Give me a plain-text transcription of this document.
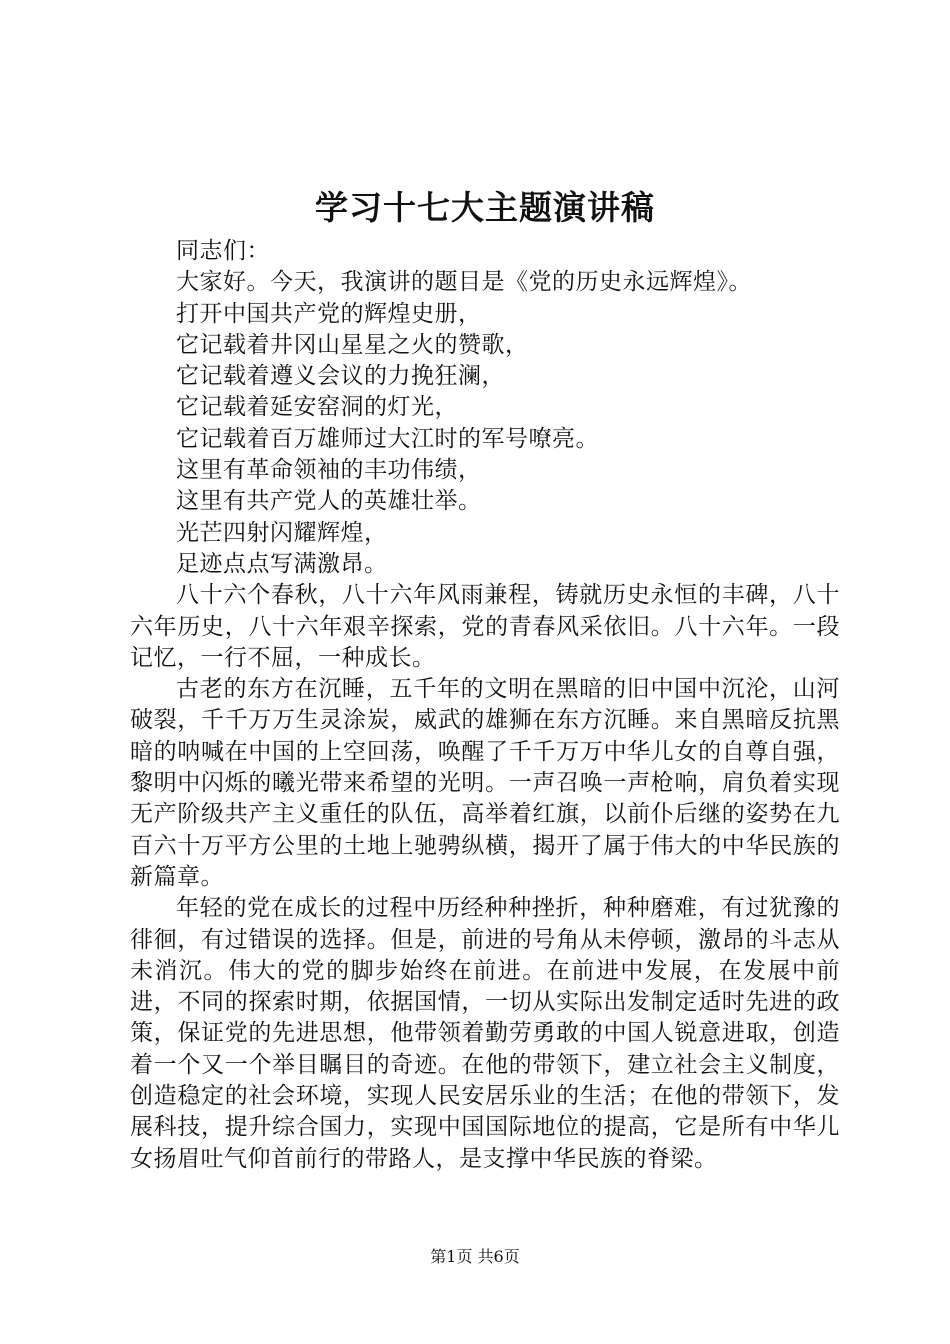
学习十七大主题演讲稿

同志们：

大家好。今天，我演讲的题目是《党的历史永远辉煌》。

打开中国共产党的辉煌史册，

它记载着井冈山星星之火的赞歌，

它记载着遵义会议的力挽狂澜，

它记载着延安窑洞的灯光，

它记载着百万雄师过大江时的军号嘹亮。

这里有革命领袖的丰功伟绩，

这里有共产党人的英雄壮举。

光芒四射闪耀辉煌，

足迹点点写满激昂。

八十六个春秋，八十六年风雨兼程，铸就历史永恒的丰碑，八十六年历史，八十六年艰辛探索，党的青春风采依旧。八十六年。一段记忆，一行不屈，一种成长。

古老的东方在沉睡，五千年的文明在黑暗的旧中国中沉沦，山河破裂，千千万万生灵涂炭，威武的雄狮在东方沉睡。来自黑暗反抗黑暗的呐喊在中国的上空回荡，唤醒了千千万万中华儿女的自尊自强，黎明中闪烁的曦光带来希望的光明。一声召唤一声枪响，肩负着实现无产阶级共产主义重任的队伍，高举着红旗，以前仆后继的姿势在九百六十万平方公里的土地上驰骋纵横，揭开了属于伟大的中华民族的新篇章。

年轻的党在成长的过程中历经种种挫折，种种磨难，有过犹豫的徘徊，有过错误的选择。但是，前进的号角从未停顿，激昂的斗志从未消沉。伟大的党的脚步始终在前进。在前进中发展，在发展中前进，不同的探索时期，依据国情，一切从实际出发制定适时先进的政策，保证党的先进思想，他带领着勤劳勇敢的中国人锐意进取，创造着一个又一个举目瞩目的奇迹。在他的带领下，建立社会主义制度，创造稳定的社会环境，实现人民安居乐业的生活；在他的带领下，发展科技，提升综合国力，实现中国国际地位的提高，它是所有中华儿女扬眉吐气仰首前行的带路人，是支撑中华民族的脊梁。

第1页 共6页
